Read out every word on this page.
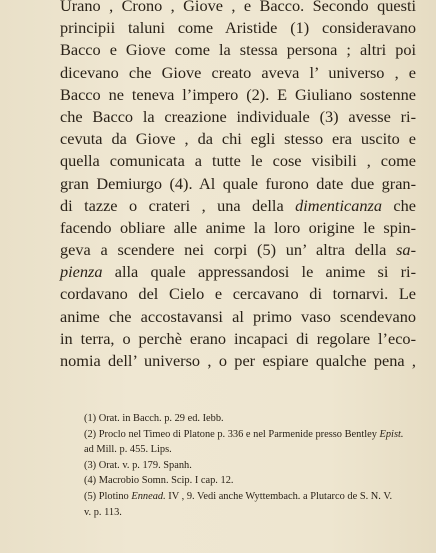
Urano , Crono , Giove , e Bacco. Secondo questi
principii taluni come Aristide (1) consideravano
Bacco e Giove come la stessa persona ; altri poi
dicevano che Giove creato aveva l’ universo , e
Bacco ne teneva l’impero (2). E Giuliano sostenne
che Bacco la creazione individuale (3) avesse ri-
cevuta da Giove , da chi egli stesso era uscito e
quella comunicata a tutte le cose visibili , come
gran Demiurgo (4). Al quale furono date due gran-
di tazze o crateri , una della dimenticanza che
facendo obliare alle anime la loro origine le spin-
geva a scendere nei corpi (5) un’ altra della sa-
pienza alla quale appressandosi le anime si ri-
cordavano del Cielo e cercavano di tornarvi. Le
anime che accostavansi al primo vaso scendevano
in terra, o perchè erano incapaci di regolare l’eco-
nomia dell’ universo , o per espiare qualche pena ,
(1) Orat. in Bacch. p. 29 ed. Iebb.
(2) Proclo nel Timeo di Platone p. 336 e nel Parmenide presso Bentley Epist.
ad Mill. p. 455. Lips.
(3) Orat. v. p. 179. Spanh.
(4) Macrobio Somn. Scip. I cap. 12.
(5) Plotino Ennead. IV , 9. Vedi anche Wyttembach. a Plutarco de S. N. V.
v. p. 113.
